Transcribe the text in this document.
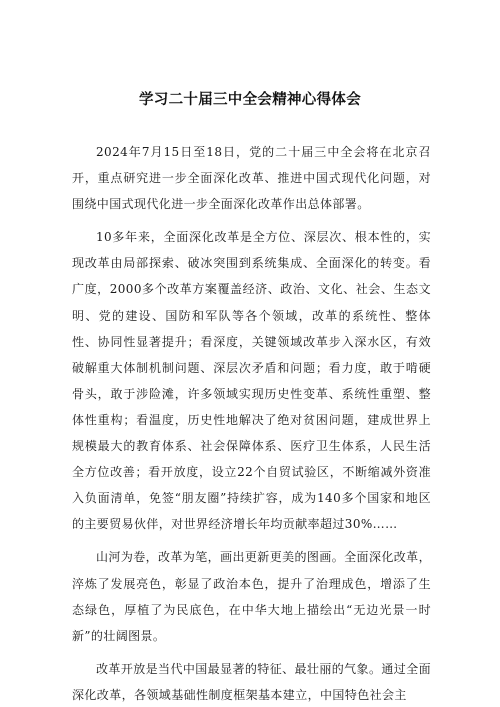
学习二十届三中全会精神心得体会

2024年7月15日至18日，党的二十届三中全会将在北京召开，重点研究进一步全面深化改革、推进中国式现代化问题，对围绕中国式现代化进一步全面深化改革作出总体部署。

10多年来，全面深化改革是全方位、深层次、根本性的，实现改革由局部探索、破冰突围到系统集成、全面深化的转变。看广度，2000多个改革方案覆盖经济、政治、文化、社会、生态文明、党的建设、国防和军队等各个领域，改革的系统性、整体性、协同性显著提升；看深度，关键领域改革步入深水区，有效破解重大体制机制问题、深层次矛盾和问题；看力度，敢于啃硬骨头，敢于涉险滩，许多领域实现历史性变革、系统性重塑、整体性重构；看温度，历史性地解决了绝对贫困问题，建成世界上规模最大的教育体系、社会保障体系、医疗卫生体系，人民生活全方位改善；看开放度，设立22个自贸试验区，不断缩减外资准入负面清单，免签“朋友圈”持续扩容，成为140多个国家和地区的主要贸易伙伴，对世界经济增长年均贡献率超过30%……

山河为卷，改革为笔，画出更新更美的图画。全面深化改革，淬炼了发展亮色，彰显了政治本色，提升了治理成色，增添了生态绿色，厚植了为民底色，在中华大地上描绘出“无边光景一时新”的壮阔图景。

改革开放是当代中国最显著的特征、最壮丽的气象。通过全面深化改革，各领域基础性制度框架基本建立，中国特色社会主
